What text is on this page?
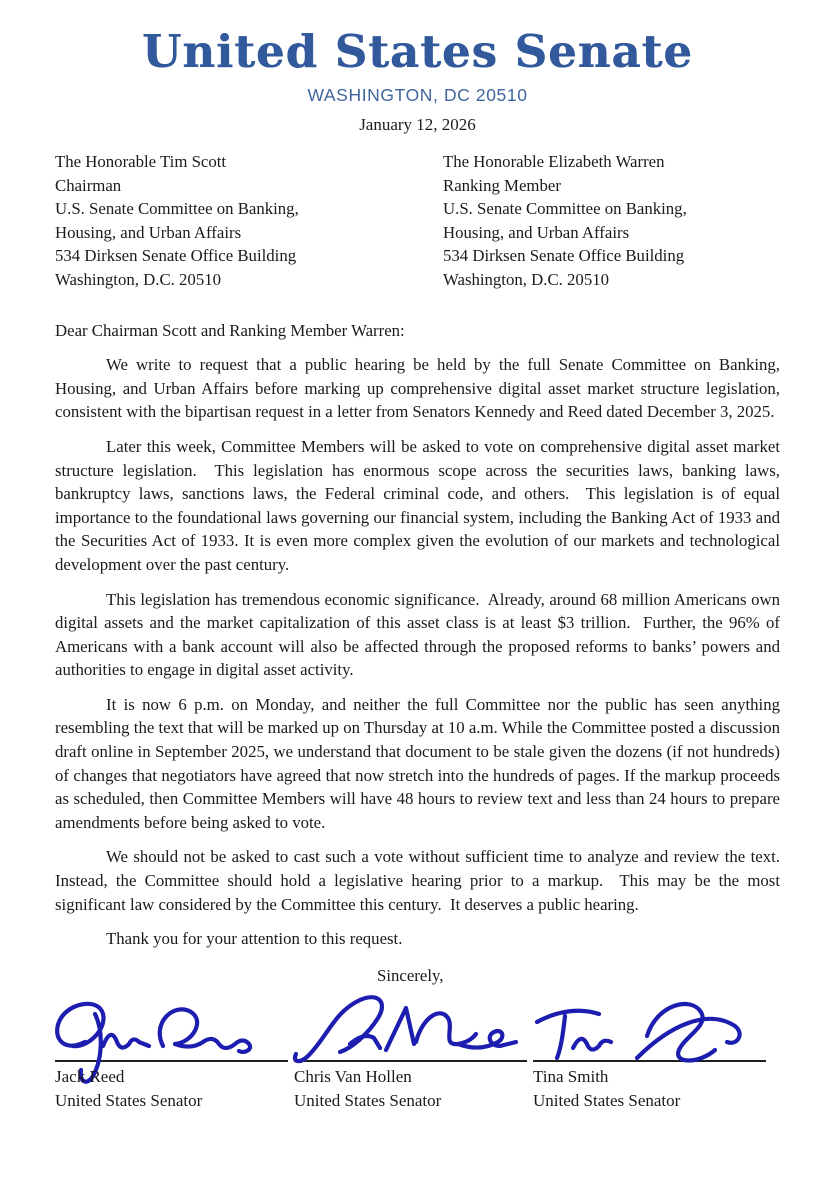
United States Senate
WASHINGTON, DC 20510
January 12, 2026
The Honorable Tim Scott
Chairman
U.S. Senate Committee on Banking,
Housing, and Urban Affairs
534 Dirksen Senate Office Building
Washington, D.C. 20510
The Honorable Elizabeth Warren
Ranking Member
U.S. Senate Committee on Banking,
Housing, and Urban Affairs
534 Dirksen Senate Office Building
Washington, D.C. 20510

Dear Chairman Scott and Ranking Member Warren:

We write to request that a public hearing be held by the full Senate Committee on Banking, Housing, and Urban Affairs before marking up comprehensive digital asset market structure legislation, consistent with the bipartisan request in a letter from Senators Kennedy and Reed dated December 3, 2025.

Later this week, Committee Members will be asked to vote on comprehensive digital asset market structure legislation.  This legislation has enormous scope across the securities laws, banking laws, bankruptcy laws, sanctions laws, the Federal criminal code, and others.  This legislation is of equal importance to the foundational laws governing our financial system, including the Banking Act of 1933 and the Securities Act of 1933. It is even more complex given the evolution of our markets and technological development over the past century.

This legislation has tremendous economic significance.  Already, around 68 million Americans own digital assets and the market capitalization of this asset class is at least $3 trillion.  Further, the 96% of Americans with a bank account will also be affected through the proposed reforms to banks’ powers and authorities to engage in digital asset activity.

It is now 6 p.m. on Monday, and neither the full Committee nor the public has seen anything resembling the text that will be marked up on Thursday at 10 a.m. While the Committee posted a discussion draft online in September 2025, we understand that document to be stale given the dozens (if not hundreds) of changes that negotiators have agreed that now stretch into the hundreds of pages. If the markup proceeds as scheduled, then Committee Members will have 48 hours to review text and less than 24 hours to prepare amendments before being asked to vote.

We should not be asked to cast such a vote without sufficient time to analyze and review the text. Instead, the Committee should hold a legislative hearing prior to a markup.  This may be the most significant law considered by the Committee this century.  It deserves a public hearing.

Thank you for your attention to this request.

Sincerely,

Jack Reed
United States Senator
Chris Van Hollen
United States Senator
Tina Smith
United States Senator
